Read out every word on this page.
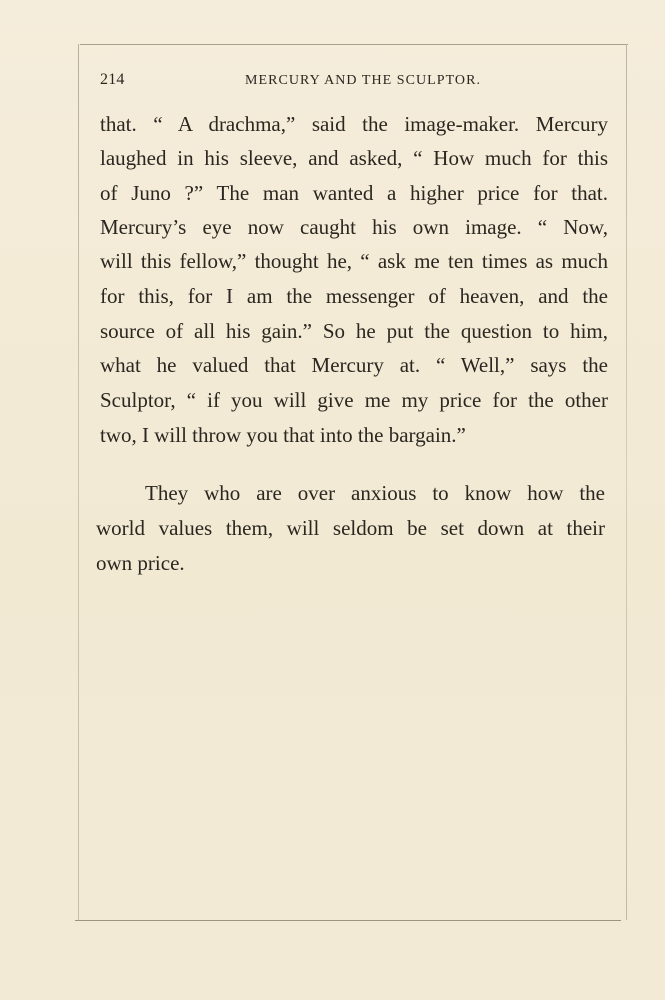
214	MERCURY AND THE SCULPTOR.
that. “ A drachma,” said the image-maker. Mercury
laughed in his sleeve, and asked, “ How much for this
of Juno ?” The man wanted a higher price for that.
Mercury’s eye now caught his own image. “ Now,
will this fellow,” thought he, “ ask me ten times as much
for this, for I am the messenger of heaven, and the
source of all his gain.” So he put the question to him,
what he valued that Mercury at. “ Well,” says the
Sculptor, “ if you will give me my price for the other
two, I will throw you that into the bargain.”
They who are over anxious to know how the
world values them, will seldom be set down at their
own price.
